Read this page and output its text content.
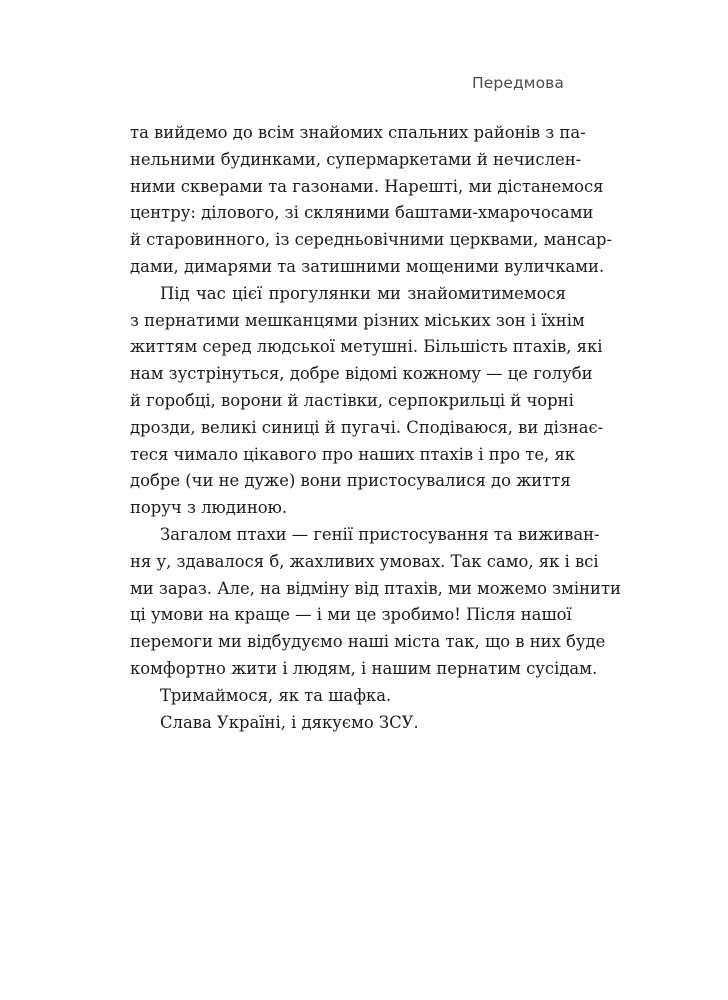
Передмова
та вийдемо до всім знайомих спальних районів з па-
нельними будинками, супермаркетами й нечислен-
ними скверами та газонами. Нарешті, ми дістанемося
центру: ділового, зі скляними баштами-хмарочосами
й старовинного, із середньовічними церквами, мансар-
дами, димарями та затишними мощеними вуличками.
Під час цієї прогулянки ми знайомитимемося
з пернатими мешканцями різних міських зон і їхнім
життям серед людської метушні. Більшість птахів, які
нам зустрінуться, добре відомі кожному — це голуби
й горобці, ворони й ластівки, серпокрильці й чорні
дрозди, великі синиці й пугачі. Сподіваюся, ви дізнає-
теся чимало цікавого про наших птахів і про те, як
добре (чи не дуже) вони пристосувалися до життя
поруч з людиною.
Загалом птахи — генії пристосування та виживан-
ня у, здавалося б, жахливих умовах. Так само, як і всі
ми зараз. Але, на відміну від птахів, ми можемо змінити
ці умови на краще — і ми це зробимо! Після нашої
перемоги ми відбудуємо наші міста так, що в них буде
комфортно жити і людям, і нашим пернатим сусідам.
Тримаймося, як та шафка.
Слава Україні, і дякуємо ЗСУ.
